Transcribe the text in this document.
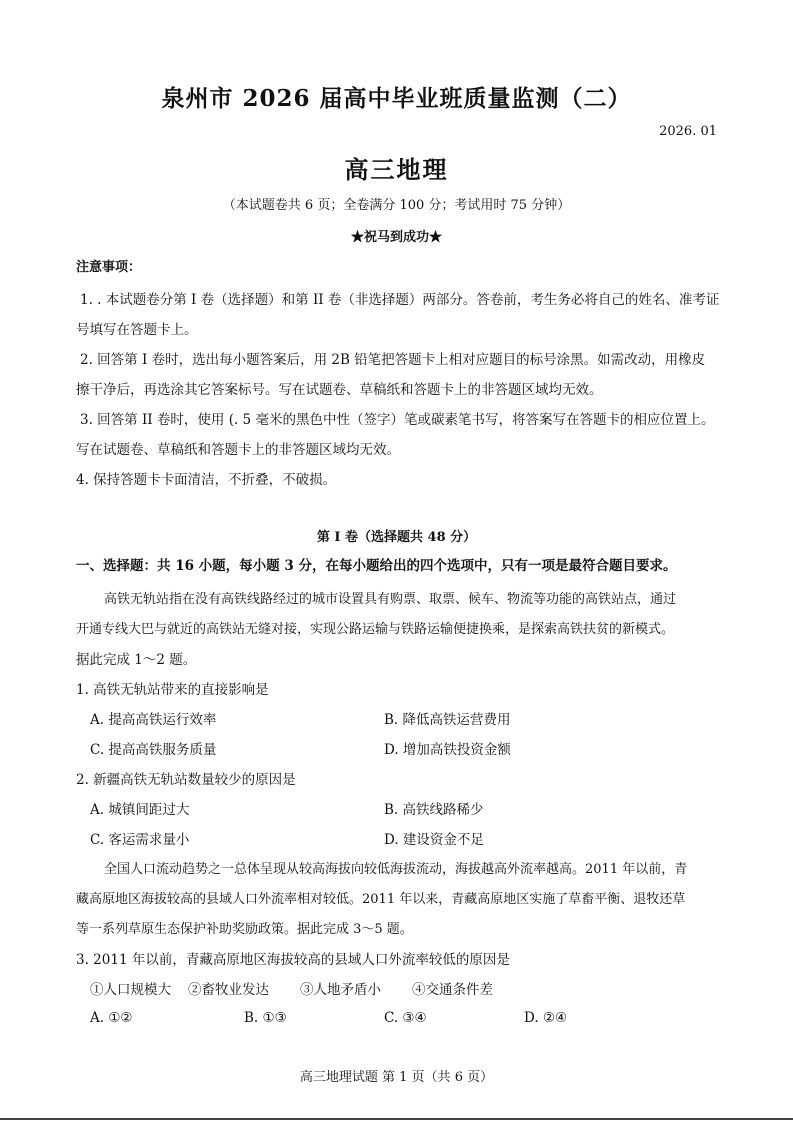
泉州市 2026 届高中毕业班质量监测（二）
2026. 01
高三地理
（本试题卷共 6 页；全卷满分 100 分；考试用时 75 分钟）
★祝马到成功★
注意事项：
1. . 本试题卷分第 I 卷（选择题）和第 II 卷（非选择题）两部分。答卷前，考生务必将自己的姓名、准考证
号填写在答题卡上。
2. 回答第 I 卷时，选出每小题答案后，用 2B 铅笔把答题卡上相对应题目的标号涂黑。如需改动，用橡皮
擦干净后，再选涂其它答案标号。写在试题卷、草稿纸和答题卡上的非答题区域均无效。
3. 回答第 II 卷时，使用 (. 5 毫米的黑色中性（签字）笔或碳素笔书写，将答案写在答题卡的相应位置上。
写在试题卷、草稿纸和答题卡上的非答题区域均无效。
4. 保持答题卡卡面清洁，不折叠，不破损。
第 I 卷（选择题共 48 分）
一、选择题：共 16 小题，每小题 3 分，在每小题给出的四个选项中，只有一项是最符合题目要求。
高铁无轨站指在没有高铁线路经过的城市设置具有购票、取票、候车、物流等功能的高铁站点，通过
开通专线大巴与就近的高铁站无缝对接，实现公路运输与铁路运输便捷换乘，是探索高铁扶贫的新模式。
据此完成 1～2 题。
1. 高铁无轨站带来的直接影响是
A. 提高高铁运行效率	B. 降低高铁运营费用
C. 提高高铁服务质量	D. 增加高铁投资金额
2. 新疆高铁无轨站数量较少的原因是
A. 城镇间距过大	B. 高铁线路稀少
C. 客运需求量小	D. 建设资金不足
全国人口流动趋势之一总体呈现从较高海拔向较低海拔流动，海拔越高外流率越高。2011 年以前，青
藏高原地区海拔较高的县域人口外流率相对较低。2011 年以来，青藏高原地区实施了草畜平衡、退牧还草
等一系列草原生态保护补助奖励政策。据此完成 3～5 题。
3. 2011 年以前，青藏高原地区海拔较高的县域人口外流率较低的原因是
①人口规模大 ②畜牧业发达 ③人地矛盾小 ④交通条件差
A. ①②	B. ①③	C. ③④	D. ②④
高三地理试题 第 1 页（共 6 页）
